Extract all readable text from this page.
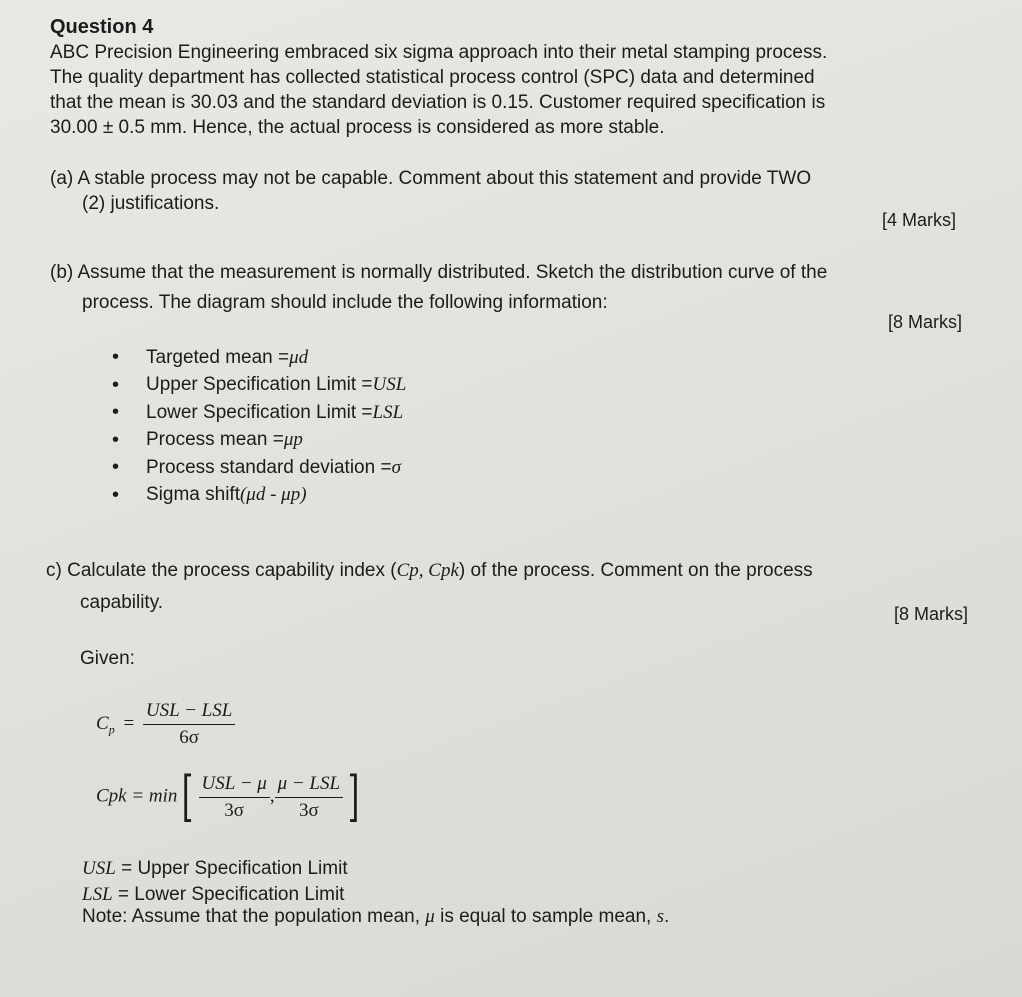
Question 4
ABC Precision Engineering embraced six sigma approach into their metal stamping process.
The quality department has collected statistical process control (SPC) data and determined
that the mean is 30.03 and the standard deviation is 0.15. Customer required specification is
30.00 ± 0.5 mm. Hence, the actual process is considered as more stable.
(a) A stable process may not be capable. Comment about this statement and provide TWO
(2) justifications.
[4 Marks]
(b) Assume that the measurement is normally distributed. Sketch the distribution curve of the
process. The diagram should include the following information:
[8 Marks]
•	Targeted mean = μd
•	Upper Specification Limit = USL
•	Lower Specification Limit = LSL
•	Process mean = μp
•	Process standard deviation = σ
•	Sigma shift (μd - μp)
c) Calculate the process capability index (Cp, Cpk) of the process. Comment on the process
capability.
[8 Marks]
Given:
$C_p = \frac{\text{USL − LSL}}{6\sigma}$
Cpk = $\min[ \frac{\text{USL − μ}}{3\sigma}$ , $\frac{\text{μ − LSL}}{3\sigma}$ ]
USL = Upper Specification Limit
LSL = Lower Specification Limit
Note: Assume that the population mean, μ is equal to sample mean, s.
